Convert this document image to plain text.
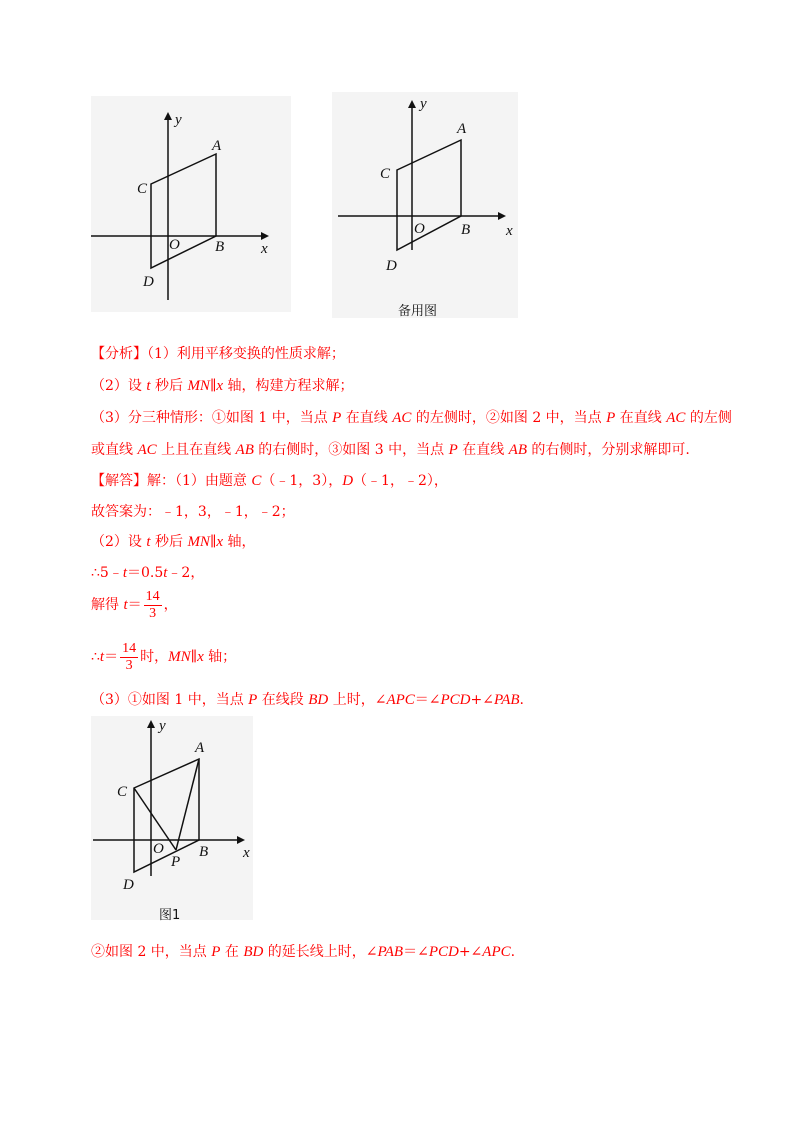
y
A
C
O B x
D
y
A
C
O B x
D
备用图
【分析】（1）利用平移变换的性质求解；
（2）设 t 秒后 MN∥x 轴，构建方程求解；
（3）分三种情形：①如图 1 中，当点 P 在直线 AC 的左侧时，②如图 2 中，当点 P 在直线 AC 的左侧
或直线 AC 上且在直线 AB 的右侧时，③如图 3 中，当点 P 在直线 AB 的右侧时，分别求解即可.
【解答】解：（1）由题意 C（﹣1，3），D（﹣1，﹣2），
故答案为：﹣1，3，﹣1，﹣2；
（2）设 t 秒后 MN∥x 轴，
∴5﹣t＝0.5t﹣2，
解得 $t= \frac{14}{3}$ ，
∴t＝ $\frac{14}{3}$ 时，MN∥x 轴；
（3）①如图 1 中，当点 P 在线段 BD 上时，∠APC＝∠PCD+∠PAB.
y
A
C
O
P
B x
D
图1
②如图 2 中，当点 P 在 BD 的延长线上时，∠PAB＝∠PCD+∠APC.
